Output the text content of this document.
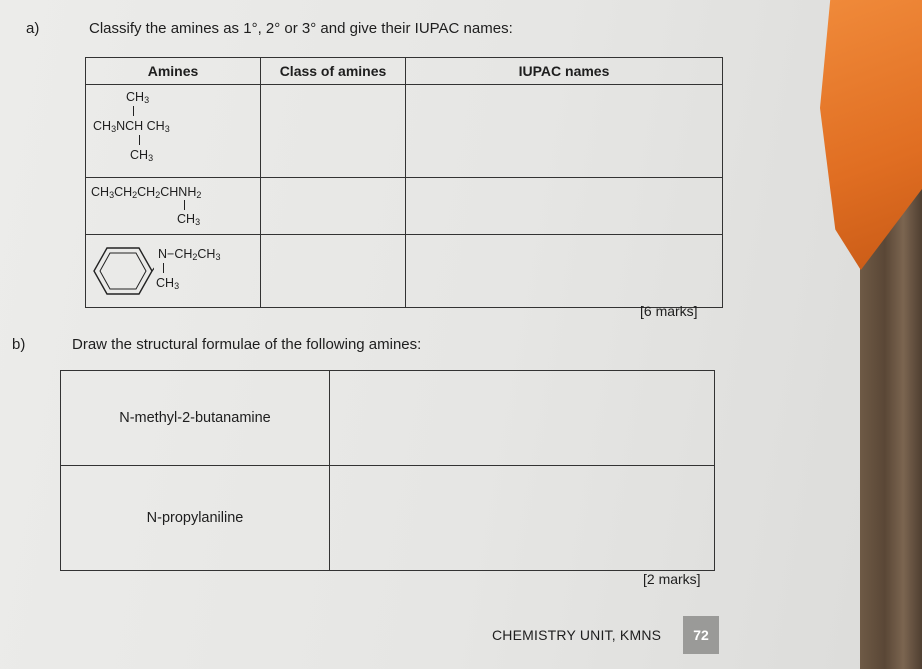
a)	Classify the amines as 1°, 2° or 3° and give their IUPAC names:
Amines	Class of amines	IUPAC names

$CH_3$
$CH_3NCH$ $CH_3$
$CH_3$

$CH_3CH_2CH_2CHNH_2$
$CH_3$

$N-CH_2CH_3$
$CH_3$

[6 marks]
b)	Draw the structural formulae of the following amines:
N-methyl-2-butanamine	
N-propylaniline	
[2 marks]
CHEMISTRY UNIT, KMNS	72
